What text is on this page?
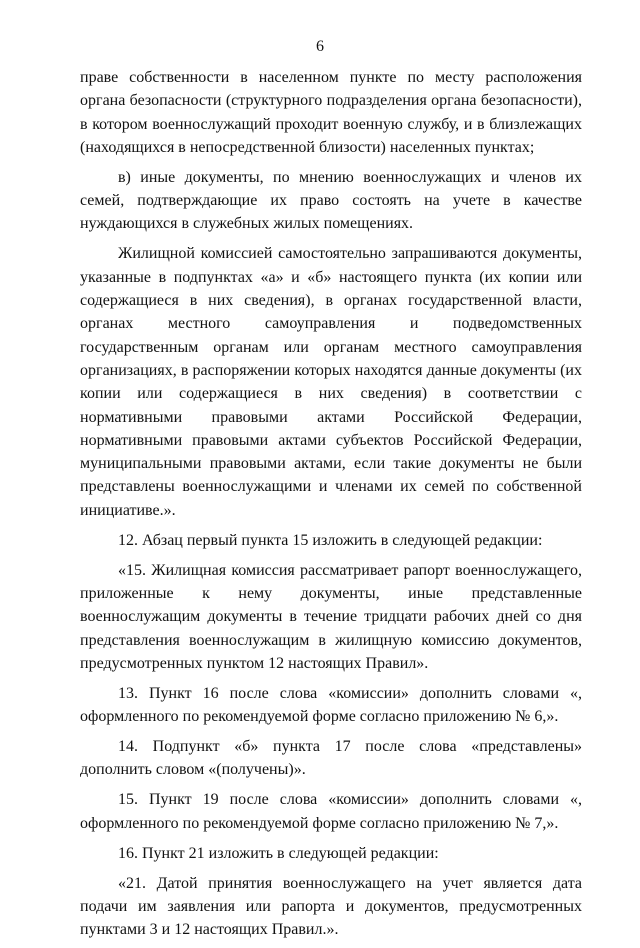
6

праве собственности в населенном пункте по месту расположения органа безопасности (структурного подразделения органа безопасности), в котором военнослужащий проходит военную службу, и в близлежащих (находящихся в непосредственной близости) населенных пунктах;

в) иные документы, по мнению военнослужащих и членов их семей, подтверждающие их право состоять на учете в качестве нуждающихся в служебных жилых помещениях.

Жилищной комиссией самостоятельно запрашиваются документы, указанные в подпунктах «а» и «б» настоящего пункта (их копии или содержащиеся в них сведения), в органах государственной власти, органах местного самоуправления и подведомственных государственным органам или органам местного самоуправления организациях, в распоряжении которых находятся данные документы (их копии или содержащиеся в них сведения) в соответствии с нормативными правовыми актами Российской Федерации, нормативными правовыми актами субъектов Российской Федерации, муниципальными правовыми актами, если такие документы не были представлены военнослужащими и членами их семей по собственной инициативе.».

12. Абзац первый пункта 15 изложить в следующей редакции:

«15. Жилищная комиссия рассматривает рапорт военнослужащего, приложенные к нему документы, иные представленные военнослужащим документы в течение тридцати рабочих дней со дня представления военнослужащим в жилищную комиссию документов, предусмотренных пунктом 12 настоящих Правил».

13. Пункт 16 после слова «комиссии» дополнить словами «, оформленного по рекомендуемой форме согласно приложению № 6,».

14. Подпункт «б» пункта 17 после слова «представлены» дополнить словом «(получены)».

15. Пункт 19 после слова «комиссии» дополнить словами «, оформленного по рекомендуемой форме согласно приложению № 7,».

16. Пункт 21 изложить в следующей редакции:

«21. Датой принятия военнослужащего на учет является дата подачи им заявления или рапорта и документов, предусмотренных пунктами 3 и 12 настоящих Правил.».
